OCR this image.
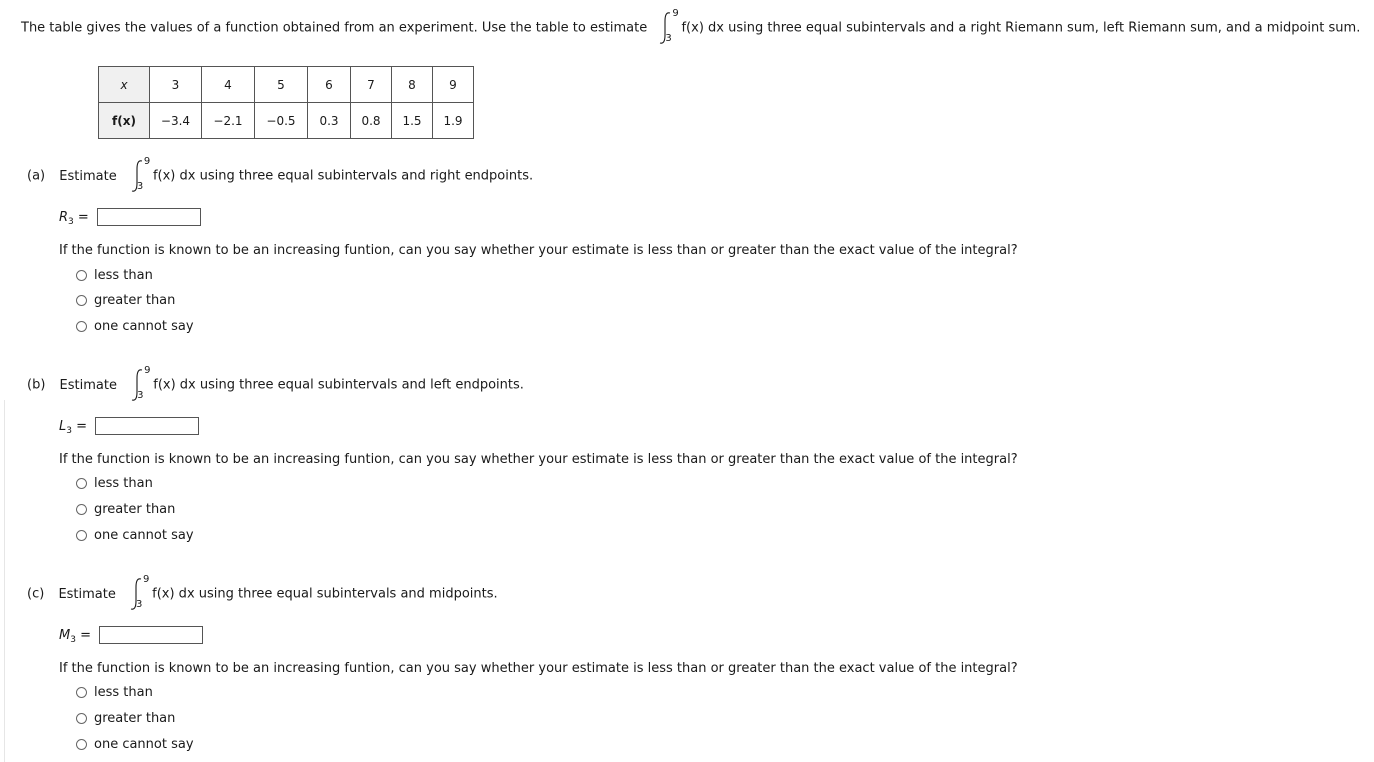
The table gives the values of a function obtained from an experiment. Use the table to estimate
9
3
f(x) dx using three equal subintervals and a right Riemann sum, left Riemann sum, and a midpoint sum.
x	3	4	5	6	7	8	9
f(x)	−3.4	−2.1	−0.5	0.3	0.8	1.5	1.9
(a) Estimate
9
3
f(x) dx using three equal subintervals and right endpoints.
$R_3$ =
If the function is known to be an increasing funtion, can you say whether your estimate is less than or greater than the exact value of the integral?
less than
greater than
one cannot say
(b) Estimate
9
3
f(x) dx using three equal subintervals and left endpoints.
$L_3$ =
If the function is known to be an increasing funtion, can you say whether your estimate is less than or greater than the exact value of the integral?
less than
greater than
one cannot say
(c) Estimate
9
3
f(x) dx using three equal subintervals and midpoints.
$M_3$ =
If the function is known to be an increasing funtion, can you say whether your estimate is less than or greater than the exact value of the integral?
less than
greater than
one cannot say
